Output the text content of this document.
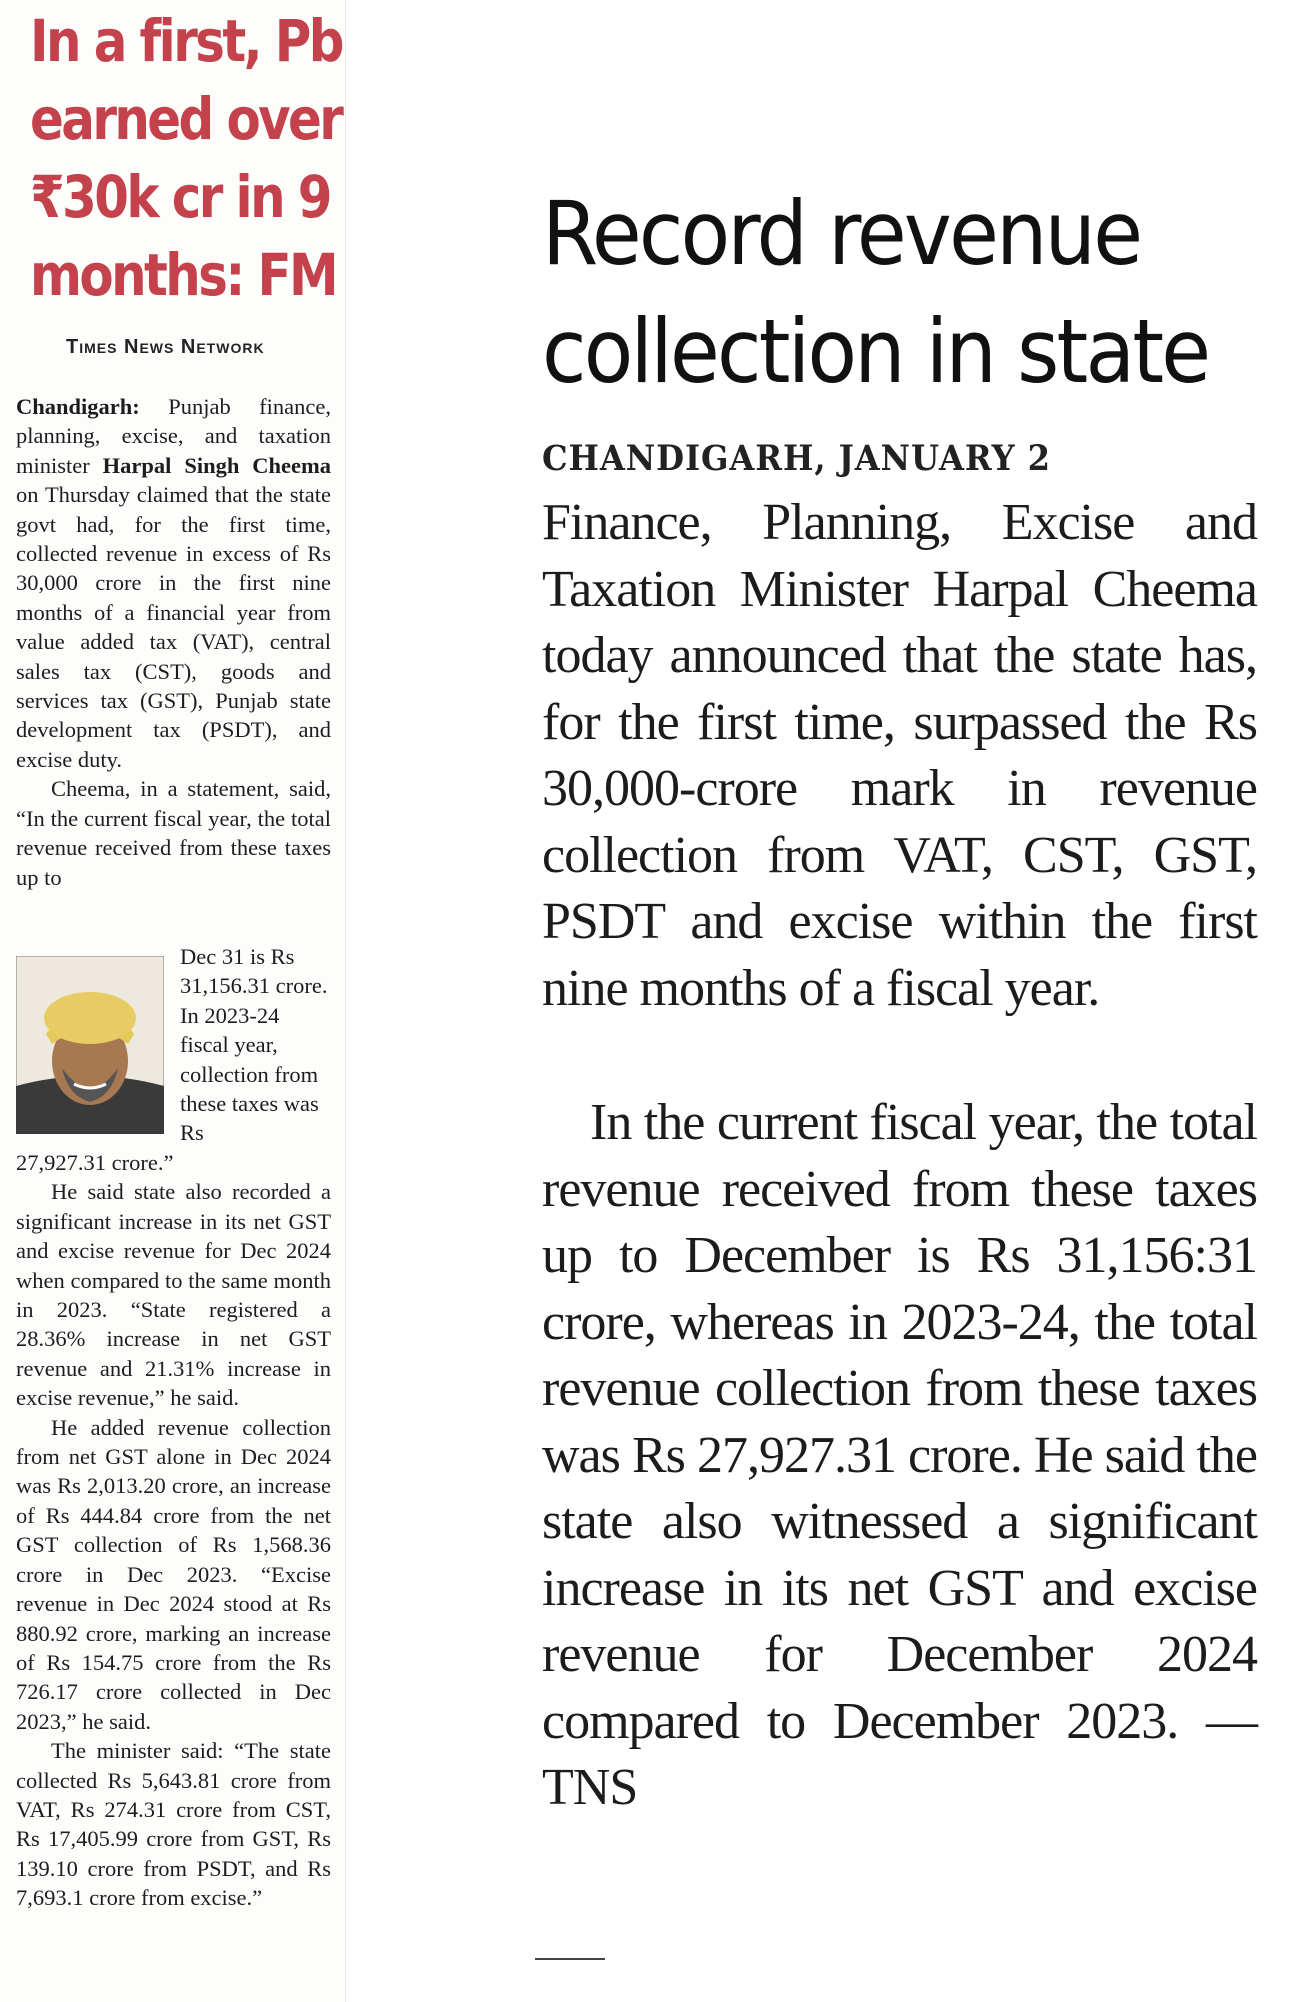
In a first, Pb
earned over
₹30k cr in 9
months: FM
Times News Network

Chandigarh: Punjab finance, planning, excise, and taxation minister Harpal Singh Cheema on Thursday claimed that the state govt had, for the first time, collected revenue in excess of Rs 30,000 crore in the first nine months of a financial year from value added tax (VAT), central sales tax (CST), goods and services tax (GST), Punjab state development tax (PSDT), and excise duty.

Cheema, in a statement, said, “In the current fiscal year, the total revenue received from these taxes up to

Dec 31 is Rs 31,156.31 crore. In 2023-24 fiscal year, collection from these taxes was Rs

27,927.31 crore.”

He said state also recorded a significant increase in its net GST and excise revenue for Dec 2024 when compared to the same month in 2023. “State registered a 28.36% increase in net GST revenue and 21.31% increase in excise revenue,” he said.

He added revenue collection from net GST alone in Dec 2024 was Rs 2,013.20 crore, an increase of Rs 444.84 crore from the net GST collection of Rs 1,568.36 crore in Dec 2023. “Excise revenue in Dec 2024 stood at Rs 880.92 crore, marking an increase of Rs 154.75 crore from the Rs 726.17 crore collected in Dec 2023,” he said.

The minister said: “The state collected Rs 5,643.81 crore from VAT, Rs 274.31 crore from CST, Rs 17,405.99 crore from GST, Rs 139.10 crore from PSDT, and Rs 7,693.1 crore from excise.”

Record revenue
collection in state
CHANDIGARH, JANUARY 2

Finance, Planning, Excise and Taxation Minister Harpal Cheema today announced that the state has, for the first time, surpassed the Rs 30,000-crore mark in revenue collection from VAT, CST, GST, PSDT and excise within the first nine months of a fiscal year.

In the current fiscal year, the total revenue received from these taxes up to December is Rs 31,156:31 crore, whereas in 2023-24, the total revenue collection from these taxes was Rs 27,927.31 crore. He said the state also witnessed a significant increase in its net GST and excise revenue for December 2024 compared to December 2023. — TNS
